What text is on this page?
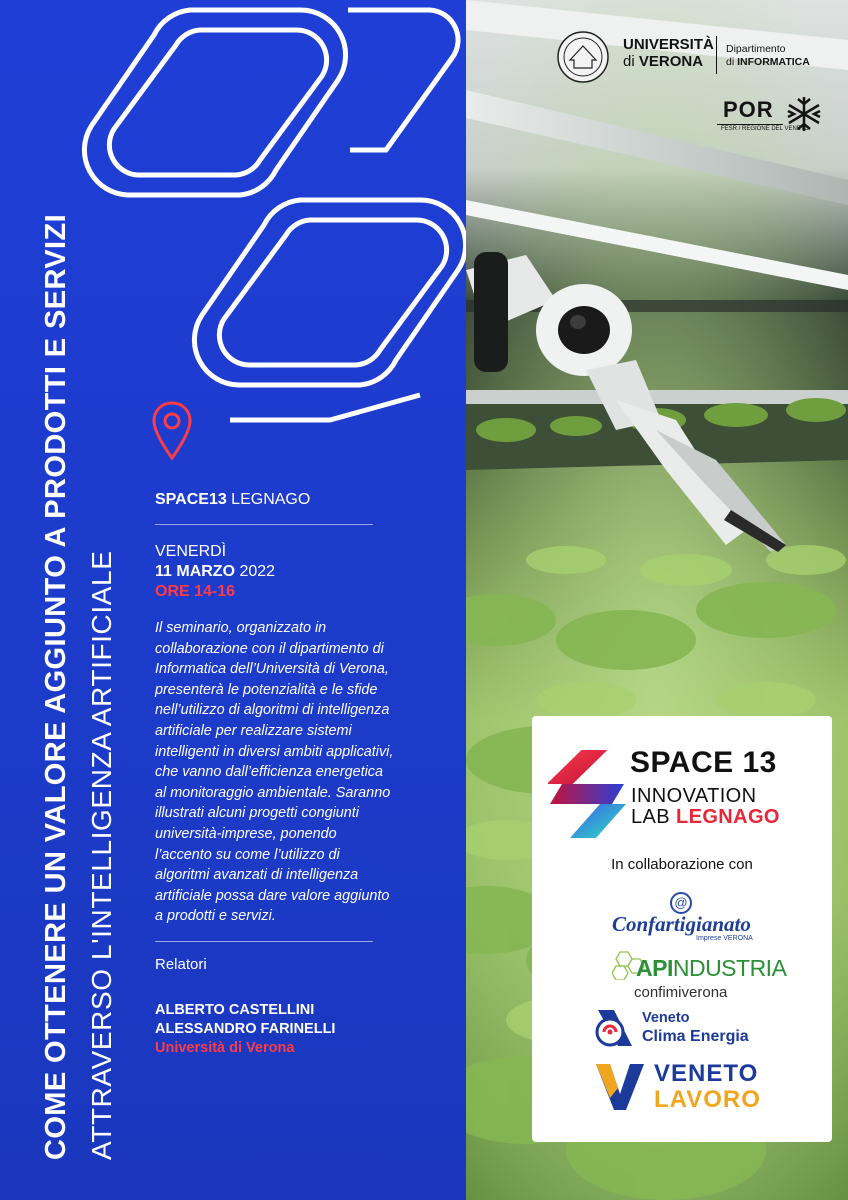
COME OTTENERE UN VALORE AGGIUNTO A PRODOTTI E SERVIZI ATTRAVERSO L'INTELLIGENZA ARTIFICIALE
SPACE13 LEGNAGO
VENERDÌ
11 MARZO 2022
ORE 14-16
Il seminario, organizzato in collaborazione con il dipartimento di Informatica dell’Università di Verona, presenterà le potenzialità e le sfide nell’utilizzo di algoritmi di intelligenza artificiale per realizzare sistemi intelligenti in diversi ambiti applicativi, che vanno dall’efficienza energetica al monitoraggio ambientale. Saranno illustrati alcuni progetti congiunti università-imprese, ponendo l’accento su come l’utilizzo di algoritmi avanzati di intelligenza artificiale possa dare valore aggiunto a prodotti e servizi.
Relatori
ALBERTO CASTELLINI
ALESSANDRO FARINELLI
Università di Verona
UNIVERSITÀ
di VERONA
Dipartimento
di INFORMATICA
POR
FESR / REGIONE DEL VENETO
SPACE 13
INNOVATION
LAB LEGNAGO
In collaborazione con
@
Confartigianato
Imprese VERONA
APINDUSTRIA
confimiverona
Veneto
Clima Energia
VENETO
LAVORO
